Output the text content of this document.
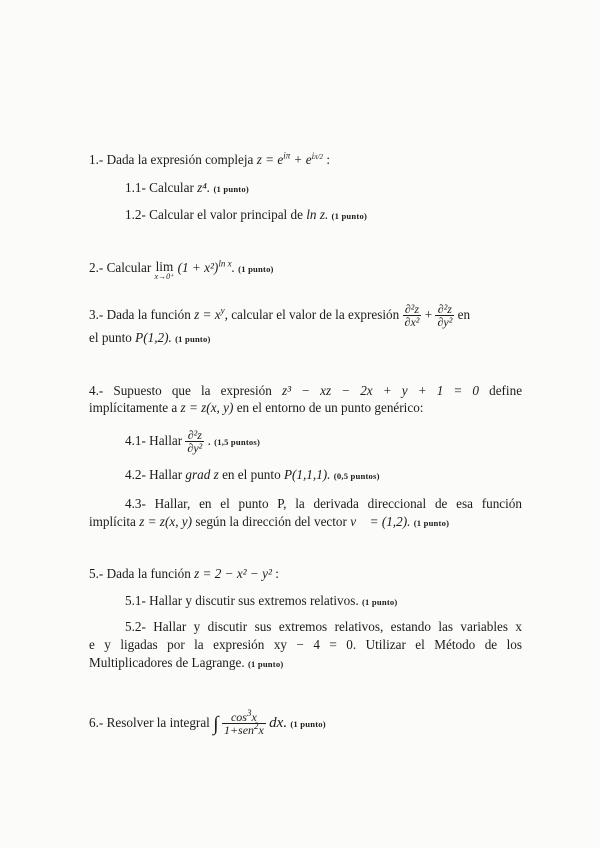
1.- Dada la expresión compleja $z = e^{i\pi} + e^{i\pi/2}$ :
1.1- Calcular z⁴. (1 punto)
1.2- Calcular el valor principal de ln z. (1 punto)
2.- Calcular lim
x→0⁺
$(1 + x^2)^{ln x}$. (1 punto)
3.- Dada la función $z = x^y$, calcular el valor de la expresión $\frac{\text{∂²z}}{\text{∂x²}} + \frac{\text{∂²z}}{\text{∂y²}}$ en
el punto P(1,2). (1 punto)
4.- Supuesto que la expresión z³ − xz − 2x + y + 1 = 0 define
implícitamente a z = z(x, y) en el entorno de un punto genérico:
4.1- Hallar $\frac{\text{∂²z}}{\text{∂y²}}$ . (1,5 puntos)
4.2- Hallar grad z en el punto P(1,1,1). (0,5 puntos)
4.3- Hallar, en el punto P, la derivada direccional de esa función
implícita z = z(x, y) según la dirección del vector v⃗ = (1,2). (1 punto)
5.- Dada la función z = 2 − x² − y² :
5.1- Hallar y discutir sus extremos relativos. (1 punto)
5.2- Hallar y discutir sus extremos relativos, estando las variables x
e y ligadas por la expresión xy − 4 = 0. Utilizar el Método de los
Multiplicadores de Lagrange. (1 punto)
6.- Resolver la integral ∫ $\frac{\cos^3x}{1+sen^2x}$ dx. (1 punto)
